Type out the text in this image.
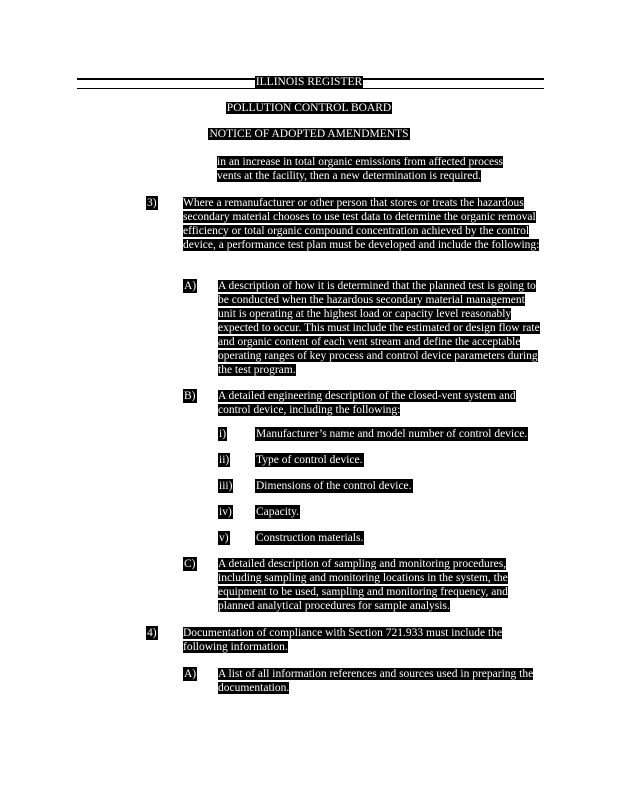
ILLINOIS REGISTER
POLLUTION CONTROL BOARD
NOTICE OF ADOPTED AMENDMENTS

in an increase in total organic emissions from affected process vents at the facility, then a new determination is required.

3) Where a remanufacturer or other person that stores or treats the hazardous secondary material chooses to use test data to determine the organic removal efficiency or total organic compound concentration achieved by the control device, a performance test plan must be developed and include the following:

A) A description of how it is determined that the planned test is going to be conducted when the hazardous secondary material management unit is operating at the highest load or capacity level reasonably expected to occur. This must include the estimated or design flow rate and organic content of each vent stream and define the acceptable operating ranges of key process and control device parameters during the test program.

B) A detailed engineering description of the closed-vent system and control device, including the following:

i)	Manufacturer’s name and model number of control device.
ii) Type of control device.
iii) Dimensions of the control device.
iv) Capacity.
v) Construction materials.
C) A detailed description of sampling and monitoring procedures, including sampling and monitoring locations in the system, the equipment to be used, sampling and monitoring frequency, and planned analytical procedures for sample analysis.

4) Documentation of compliance with Section 721.933 must include the following information.

A) A list of all information references and sources used in preparing the documentation.
